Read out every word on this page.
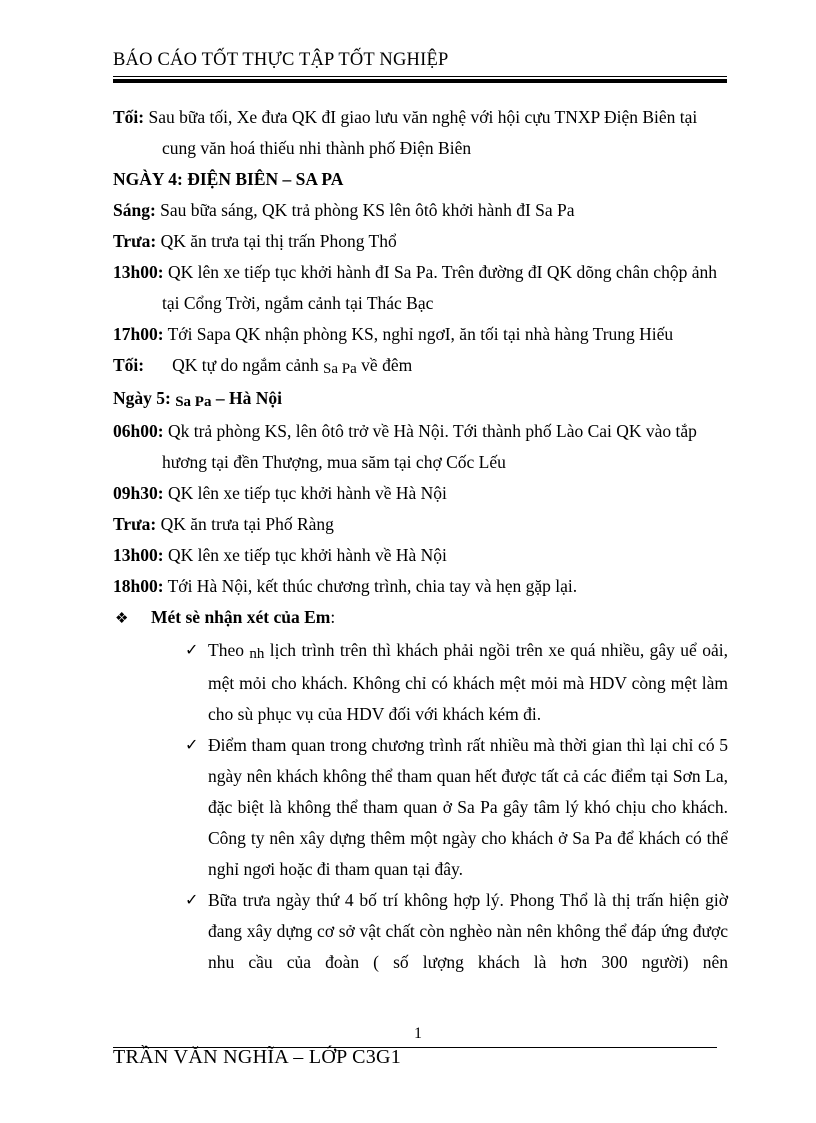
BÁO CÁO TỐT THỰC TẬP TỐT NGHIỆP

Tối: Sau bữa tối, Xe đưa QK đI giao lưu văn nghệ với hội cựu TNXP Điện Biên tại cung văn hoá thiếu nhi thành phố Điện Biên

NGÀY 4: ĐIỆN BIÊN – SA PA

Sáng: Sau bữa sáng, QK trả phòng KS lên ôtô khởi hành đI Sa Pa

Trưa: QK ăn trưa tại thị trấn Phong Thổ

13h00: QK lên xe tiếp tục khởi hành đI Sa Pa. Trên đường đI QK dõng chân chộp ảnh tại Cổng Trời, ngắm cảnh tại Thác Bạc

17h00: Tới Sapa QK nhận phòng KS, nghỉ ngơI, ăn tối tại nhà hàng Trung Hiếu

Tối: QK tự do ngắm cảnh Sa Pa về đêm

Ngày 5: Sa Pa – Hà Nội

06h00: Qk trả phòng KS, lên ôtô trở về Hà Nội. Tới thành phố Lào Cai QK vào tắp hương tại đền Thượng, mua săm tại chợ Cốc Lếu

09h30: QK lên xe tiếp tục khởi hành về Hà Nội

Trưa: QK ăn trưa tại Phố Ràng

13h00: QK lên xe tiếp tục khởi hành về Hà Nội

18h00: Tới Hà Nội, kết thúc chương trình, chia tay và hẹn gặp lại.

❖	Mét sè nhận xét của Em :
✓ Theo nh lịch trình trên thì khách phải ngồi trên xe quá nhiều, gây uể oải, mệt mỏi cho khách. Không chỉ có khách mệt mỏi mà HDV còng mệt làm cho sù phục vụ của HDV đối với khách kém đi.
✓ Điểm tham quan trong chương trình rất nhiều mà thời gian thì lại chỉ có 5 ngày nên khách không thể tham quan hết được tất cả các điểm tại Sơn La, đặc biệt là không thể tham quan ở Sa Pa gây tâm lý khó chịu cho khách. Công ty nên xây dựng thêm một ngày cho khách ở Sa Pa để khách có thể nghỉ ngơi hoặc đi tham quan tại đây.
✓ Bữa trưa ngày thứ 4 bố trí không hợp lý. Phong Thổ là thị trấn hiện giờ đang xây dựng cơ sở vật chất còn nghèo nàn nên không thể đáp ứng được nhu cầu của đoàn ( số lượng khách là hơn 300 người) nên
1
TRẦN VĂN NGHĨA – LỚP C3G1
